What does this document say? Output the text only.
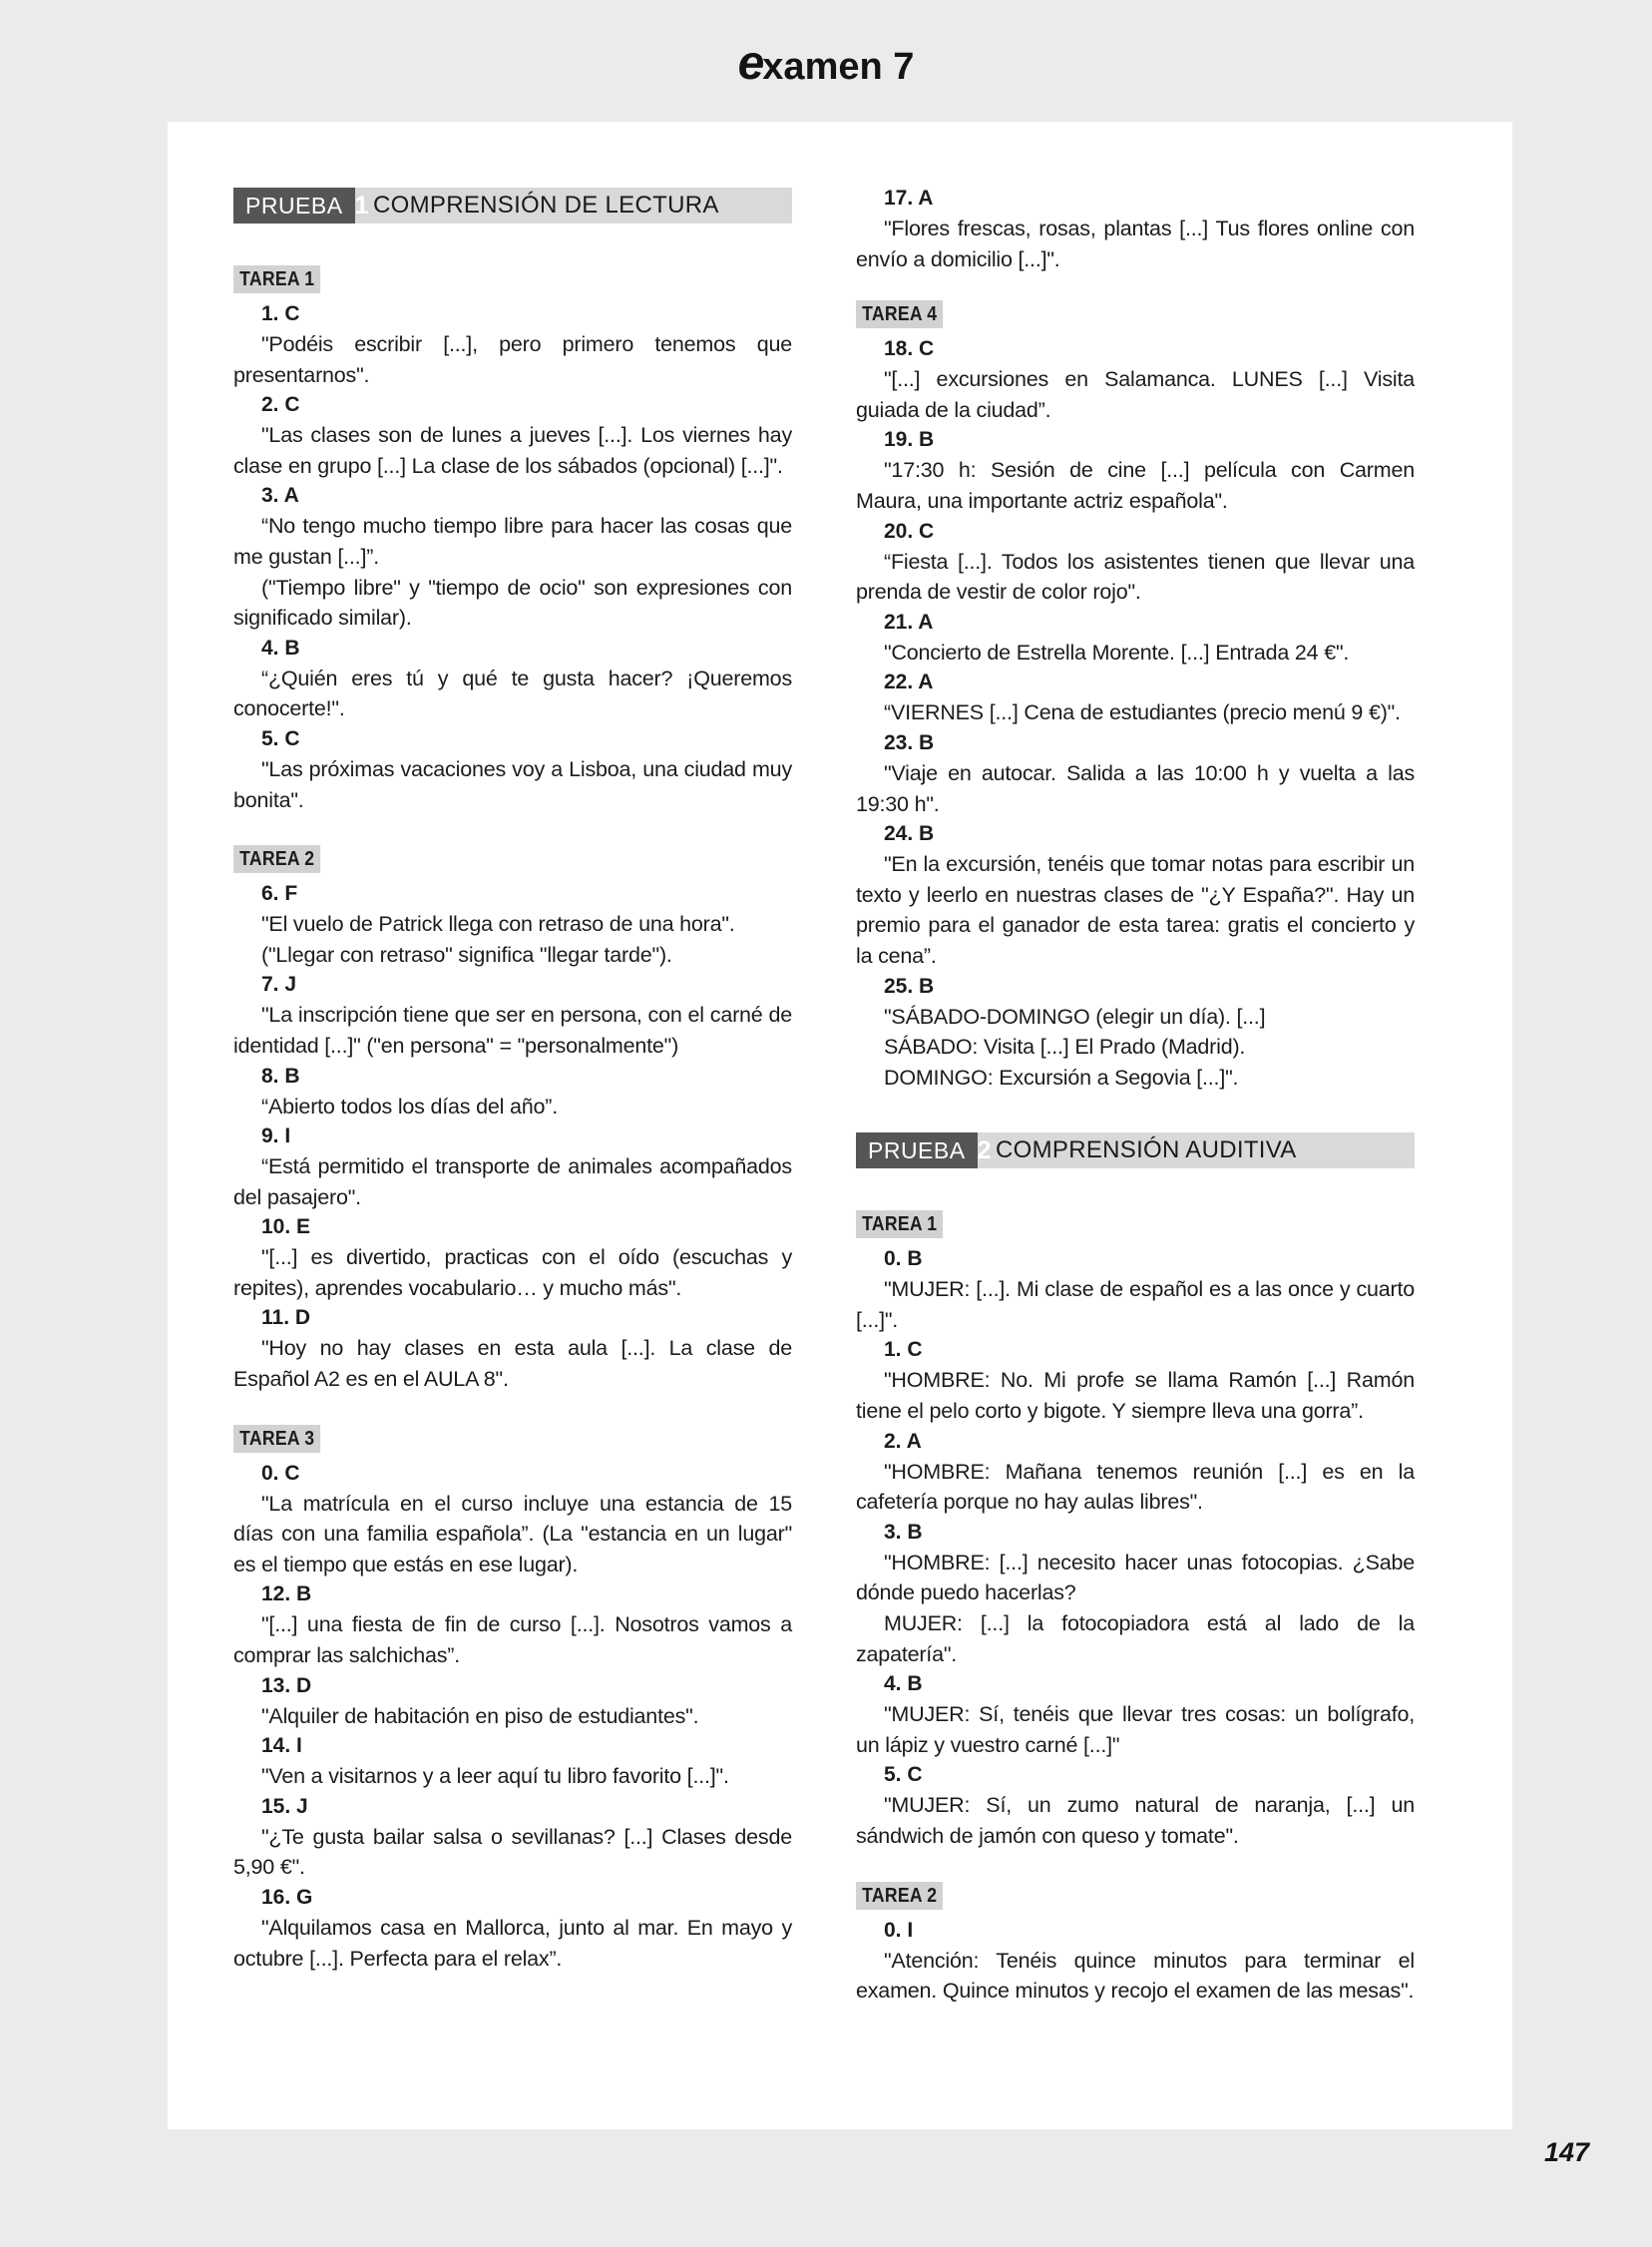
examen 7
PRUEBA 1 COMPRENSIÓN DE LECTURA
TAREA 1
1. C

"Podéis escribir [...], pero primero tenemos que presentarnos".

2. C

"Las clases son de lunes a jueves [...]. Los viernes hay clase en grupo [...] La clase de los sábados (opcional) [...]".

3. A

“No tengo mucho tiempo libre para hacer las cosas que me gustan [...]”.

("Tiempo libre" y "tiempo de ocio" son expresiones con significado similar).

4. B

“¿Quién eres tú y qué te gusta hacer? ¡Queremos conocerte!".

5. C

"Las próximas vacaciones voy a Lisboa, una ciudad muy bonita".

TAREA 2
6. F

"El vuelo de Patrick llega con retraso de una hora".

("Llegar con retraso" significa "llegar tarde").

7. J

"La inscripción tiene que ser en persona, con el carné de identidad [...]" ("en persona" = "personalmente")

8. B

“Abierto todos los días del año”.

9. I

“Está permitido el transporte de animales acompañados del pasajero".

10. E

"[...] es divertido, practicas con el oído (escuchas y repites), aprendes vocabulario… y mucho más".

11. D

"Hoy no hay clases en esta aula [...]. La clase de Español A2 es en el AULA 8".

TAREA 3
0. C

"La matrícula en el curso incluye una estancia de 15 días con una familia española”. (La "estancia en un lugar" es el tiempo que estás en ese lugar).

12. B

"[...] una fiesta de fin de curso [...]. Nosotros vamos a comprar las salchichas”.

13. D

"Alquiler de habitación en piso de estudiantes".

14. I

"Ven a visitarnos y a leer aquí tu libro favorito [...]".

15. J

"¿Te gusta bailar salsa o sevillanas? [...] Clases desde 5,90 €".

16. G

"Alquilamos casa en Mallorca, junto al mar. En mayo y octubre [...]. Perfecta para el relax”.

17. A

"Flores frescas, rosas, plantas [...] Tus flores online con envío a domicilio [...]".

TAREA 4
18. C

"[...] excursiones en Salamanca. LUNES [...] Visita guiada de la ciudad”.

19. B

"17:30 h: Sesión de cine [...] película con Carmen Maura, una importante actriz española".

20. C

“Fiesta [...]. Todos los asistentes tienen que llevar una prenda de vestir de color rojo".

21. A

"Concierto de Estrella Morente. [...] Entrada 24 €".

22. A

“VIERNES [...] Cena de estudiantes (precio menú 9 €)".

23. B

"Viaje en autocar. Salida a las 10:00 h y vuelta a las 19:30 h".

24. B

"En la excursión, tenéis que tomar notas para escribir un texto y leerlo en nuestras clases de "¿Y España?". Hay un premio para el ganador de esta tarea: gratis el concierto y la cena”.

25. B

"SÁBADO-DOMINGO (elegir un día). [...]

SÁBADO: Visita [...] El Prado (Madrid).

DOMINGO: Excursión a Segovia [...]".

PRUEBA 2 COMPRENSIÓN AUDITIVA
TAREA 1
0. B

"MUJER: [...]. Mi clase de español es a las once y cuarto [...]".

1. C

"HOMBRE: No. Mi profe se llama Ramón [...] Ramón tiene el pelo corto y bigote. Y siempre lleva una gorra”.

2. A

"HOMBRE: Mañana tenemos reunión [...] es en la cafetería porque no hay aulas libres".

3. B

"HOMBRE: [...] necesito hacer unas fotocopias. ¿Sabe dónde puedo hacerlas?

MUJER: [...] la fotocopiadora está al lado de la zapatería".

4. B

"MUJER: Sí, tenéis que llevar tres cosas: un bolígrafo, un lápiz y vuestro carné [...]"

5. C

"MUJER: Sí, un zumo natural de naranja, [...] un sándwich de jamón con queso y tomate".

TAREA 2
0. I

"Atención: Tenéis quince minutos para terminar el examen. Quince minutos y recojo el examen de las mesas".

147
